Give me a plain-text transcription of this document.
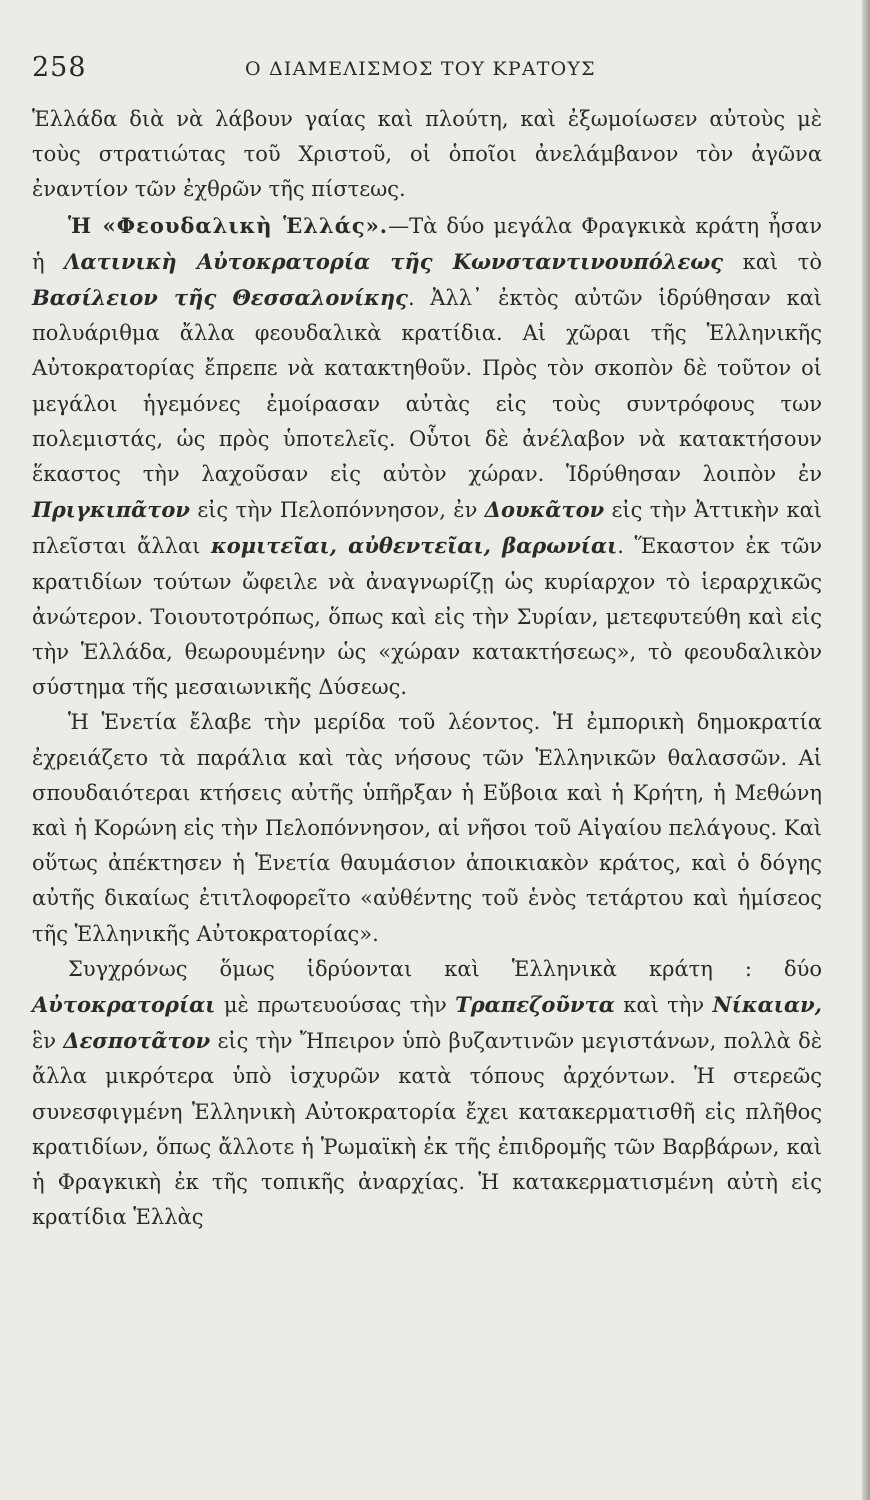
258	Ο ΔΙΑΜΕΛΙΣΜΟΣ ΤΟΥ ΚΡΑΤΟΥΣ

Ἑλλάδα διὰ νὰ λάβουν γαίας καὶ πλούτη, καὶ ἐξωμοίωσεν αὐτοὺς μὲ τοὺς στρατιώτας τοῦ Χριστοῦ, οἱ ὁποῖοι ἀνελάμβανον τὸν ἀγῶνα ἐναντίον τῶν ἐχθρῶν τῆς πίστεως.

Ἡ «Φεουδαλικὴ Ἑλλάς».—Τὰ δύο μεγάλα Φραγκικὰ κράτη ἦσαν ἡ Λατινικὴ Αὐτοκρατορία τῆς Κωνσταντινουπόλεως καὶ τὸ Βασίλειον τῆς Θεσσαλονίκης. Ἀλλ᾽ ἐκτὸς αὐτῶν ἱδρύθησαν καὶ πολυάριθμα ἄλλα φεουδαλικὰ κρατίδια. Αἱ χῶραι τῆς Ἑλληνικῆς Αὐτοκρατορίας ἔπρεπε νὰ κατακτηθοῦν. Πρὸς τὸν σκοπὸν δὲ τοῦτον οἱ μεγάλοι ἡγεμόνες ἐμοίρασαν αὐτὰς εἰς τοὺς συντρόφους των πολεμιστάς, ὡς πρὸς ὑποτελεῖς. Οὗτοι δὲ ἀνέλαβον νὰ κατακτήσουν ἕκαστος τὴν λαχοῦσαν εἰς αὐτὸν χώραν. Ἱδρύθησαν λοιπὸν ἐν Πριγκιπᾶτον εἰς τὴν Πελοπόννησον, ἐν Δουκᾶτον εἰς τὴν Ἀττικὴν καὶ πλεῖσται ἄλλαι κομιτεῖαι, αὐθεντεῖαι, βαρωνίαι. Ἕκαστον ἐκ τῶν κρατιδίων τούτων ὤφειλε νὰ ἀναγνωρίζῃ ὡς κυρίαρχον τὸ ἱεραρχικῶς ἀνώτερον. Τοιουτοτρόπως, ὅπως καὶ εἰς τὴν Συρίαν, μετεφυτεύθη καὶ εἰς τὴν Ἑλλάδα, θεωρουμένην ὡς «χώραν κατακτήσεως», τὸ φεουδαλικὸν σύστημα τῆς μεσαιωνικῆς Δύσεως.

Ἡ Ἑνετία ἔλαβε τὴν μερίδα τοῦ λέοντος. Ἡ ἐμπορικὴ δημοκρατία ἐχρειάζετο τὰ παράλια καὶ τὰς νήσους τῶν Ἑλληνικῶν θαλασσῶν. Αἱ σπουδαιότεραι κτήσεις αὐτῆς ὑπῆρξαν ἡ Εὔβοια καὶ ἡ Κρήτη, ἡ Μεθώνη καὶ ἡ Κορώνη εἰς τὴν Πελοπόννησον, αἱ νῆσοι τοῦ Αἰγαίου πελάγους. Καὶ οὕτως ἀπέκτησεν ἡ Ἑνετία θαυμάσιον ἀποικιακὸν κράτος, καὶ ὁ δόγης αὐτῆς δικαίως ἐτιτλοφορεῖτο «αὐθέντης τοῦ ἑνὸς τετάρτου καὶ ἡμίσεος τῆς Ἑλληνικῆς Αὐτοκρατορίας».

Συγχρόνως ὅμως ἱδρύονται καὶ Ἑλληνικὰ κράτη : δύο Αὐτοκρατορίαι μὲ πρωτευούσας τὴν Τραπεζοῦντα καὶ τὴν Νίκαιαν, ἓν Δεσποτᾶτον εἰς τὴν Ἤπειρον ὑπὸ βυζαντινῶν μεγιστάνων, πολλὰ δὲ ἄλλα μικρότερα ὑπὸ ἰσχυρῶν κατὰ τόπους ἀρχόντων. Ἡ στερεῶς συνεσφιγμένη Ἑλληνικὴ Αὐτοκρατορία ἔχει κατακερματισθῆ εἰς πλῆθος κρατιδίων, ὅπως ἄλλοτε ἡ Ῥωμαϊκὴ ἐκ τῆς ἐπιδρομῆς τῶν Βαρβάρων, καὶ ἡ Φραγκικὴ ἐκ τῆς τοπικῆς ἀναρχίας. Ἡ κατακερματισμένη αὐτὴ εἰς κρατίδια Ἑλλὰς
